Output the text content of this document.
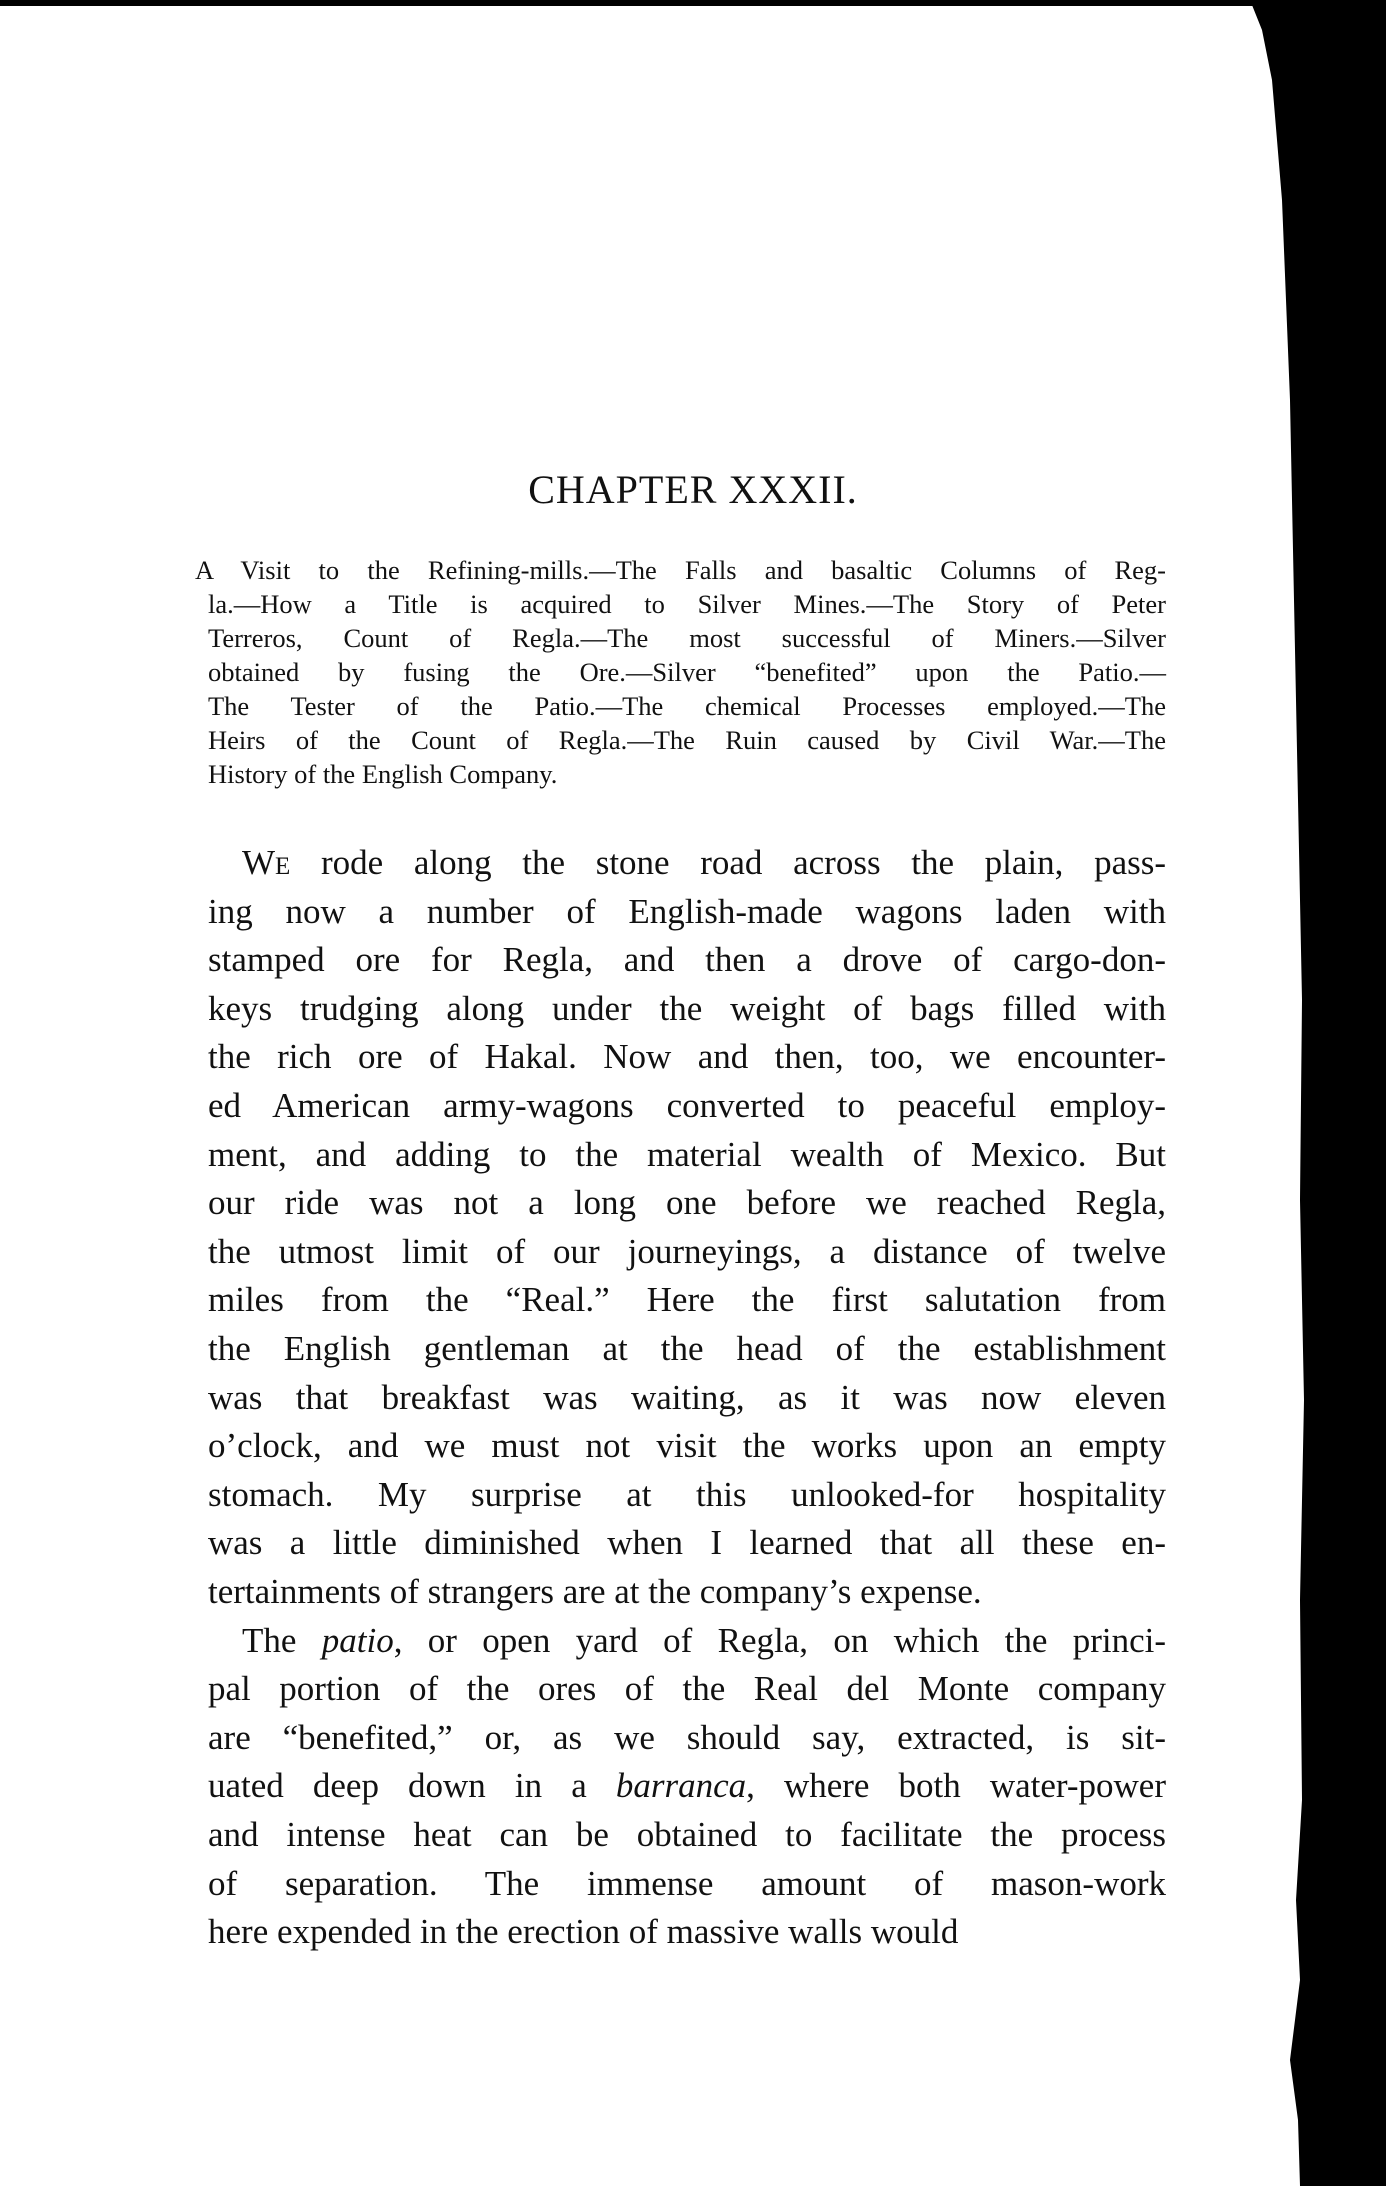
CHAPTER XXXII.
A Visit to the Refining-mills.—The Falls and basaltic Columns of Reg-
la.—How a Title is acquired to Silver Mines.—The Story of Peter
Terreros, Count of Regla.—The most successful of Miners.—Silver
obtained by fusing the Ore.—Silver “benefited” upon the Patio.—
The Tester of the Patio.—The chemical Processes employed.—The
Heirs of the Count of Regla.—The Ruin caused by Civil War.—The
History of the English Company.
We rode along the stone road across the plain, pass-
ing now a number of English-made wagons laden with
stamped ore for Regla, and then a drove of cargo-don-
keys trudging along under the weight of bags filled with
the rich ore of Hakal. Now and then, too, we encounter-
ed American army-wagons converted to peaceful employ-
ment, and adding to the material wealth of Mexico. But
our ride was not a long one before we reached Regla,
the utmost limit of our journeyings, a distance of twelve
miles from the “Real.” Here the first salutation from
the English gentleman at the head of the establishment
was that breakfast was waiting, as it was now eleven
o’clock, and we must not visit the works upon an empty
stomach. My surprise at this unlooked-for hospitality
was a little diminished when I learned that all these en-
tertainments of strangers are at the company’s expense.
The patio, or open yard of Regla, on which the princi-
pal portion of the ores of the Real del Monte company
are “benefited,” or, as we should say, extracted, is sit-
uated deep down in a barranca, where both water-power
and intense heat can be obtained to facilitate the process
of separation. The immense amount of mason-work
here expended in the erection of massive walls would
